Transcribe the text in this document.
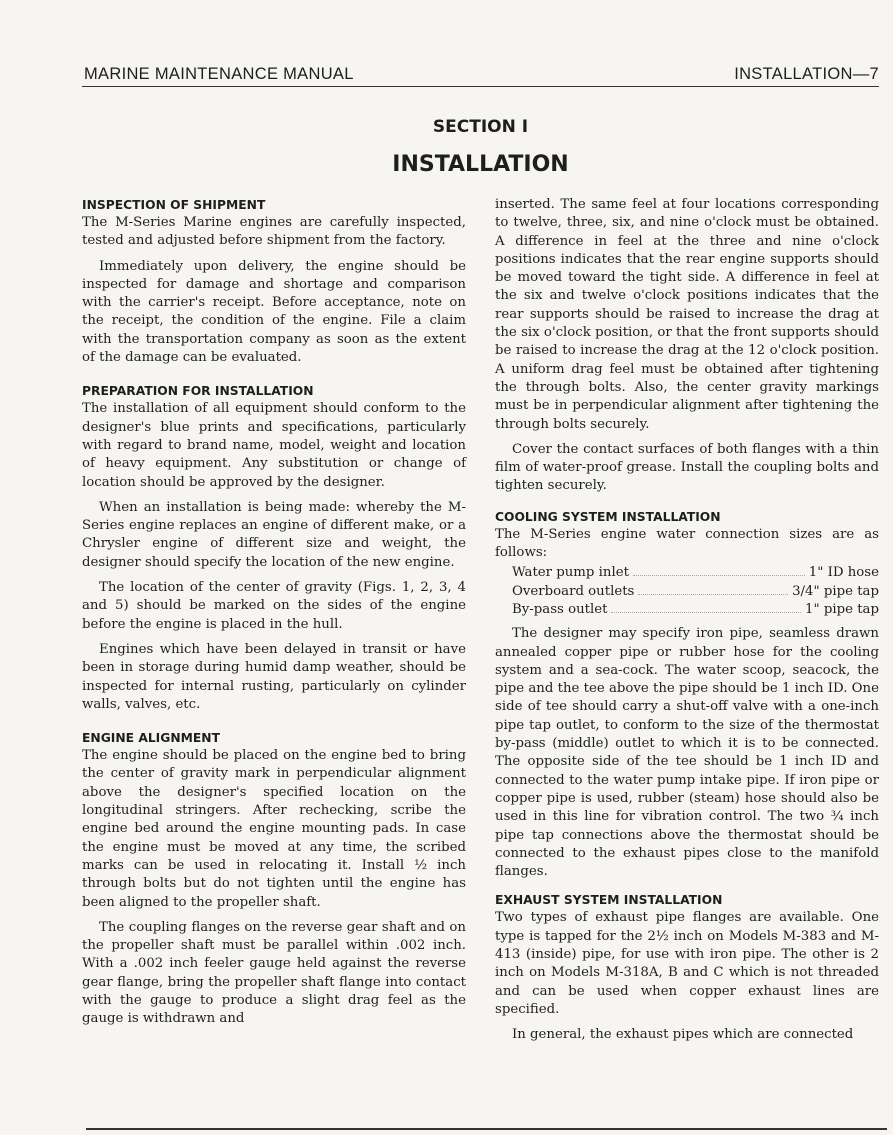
MARINE MAINTENANCE MANUAL	INSTALLATION—7
SECTION I
INSTALLATION
INSPECTION OF SHIPMENT

The M-Series Marine engines are carefully inspected, tested and adjusted before shipment from the factory.

Immediately upon delivery, the engine should be inspected for damage and shortage and comparison with the carrier's receipt. Before acceptance, note on the receipt, the condition of the engine. File a claim with the transportation company as soon as the extent of the damage can be evaluated.

PREPARATION FOR INSTALLATION

The installation of all equipment should conform to the designer's blue prints and specifications, particularly with regard to brand name, model, weight and location of heavy equipment. Any substitution or change of location should be approved by the designer.

When an installation is being made: whereby the M-Series engine replaces an engine of different make, or a Chrysler engine of different size and weight, the designer should specify the location of the new engine.

The location of the center of gravity (Figs. 1, 2, 3, 4 and 5) should be marked on the sides of the engine before the engine is placed in the hull.

Engines which have been delayed in transit or have been in storage during humid damp weather, should be inspected for internal rusting, particularly on cylinder walls, valves, etc.

ENGINE ALIGNMENT

The engine should be placed on the engine bed to bring the center of gravity mark in perpendicular alignment above the designer's specified location on the longitudinal stringers. After rechecking, scribe the engine bed around the engine mounting pads. In case the engine must be moved at any time, the scribed marks can be used in relocating it. Install ½ inch through bolts but do not tighten until the engine has been aligned to the propeller shaft.

The coupling flanges on the reverse gear shaft and on the propeller shaft must be parallel within .002 inch. With a .002 inch feeler gauge held against the reverse gear flange, bring the propeller shaft flange into contact with the gauge to produce a slight drag feel as the gauge is withdrawn and

inserted. The same feel at four locations corresponding to twelve, three, six, and nine o'clock must be obtained. A difference in feel at the three and nine o'clock positions indicates that the rear engine supports should be moved toward the tight side. A difference in feel at the six and twelve o'clock positions indicates that the rear supports should be raised to increase the drag at the six o'clock position, or that the front supports should be raised to increase the drag at the 12 o'clock position. A uniform drag feel must be obtained after tightening the through bolts. Also, the center gravity markings must be in perpendicular alignment after tightening the through bolts securely.

Cover the contact surfaces of both flanges with a thin film of water-proof grease. Install the coupling bolts and tighten securely.

COOLING SYSTEM INSTALLATION

The M-Series engine water connection sizes are as follows:

Water pump inlet	1" ID hose
Overboard outlets	3/4" pipe tap
By-pass outlet	1" pipe tap

The designer may specify iron pipe, seamless drawn annealed copper pipe or rubber hose for the cooling system and a sea-cock. The water scoop, seacock, the pipe and the tee above the pipe should be 1 inch ID. One side of tee should carry a shut-off valve with a one-inch pipe tap outlet, to conform to the size of the thermostat by-pass (middle) outlet to which it is to be connected. The opposite side of the tee should be 1 inch ID and connected to the water pump intake pipe. If iron pipe or copper pipe is used, rubber (steam) hose should also be used in this line for vibration control. The two ¾ inch pipe tap connections above the thermostat should be connected to the exhaust pipes close to the manifold flanges.

EXHAUST SYSTEM INSTALLATION

Two types of exhaust pipe flanges are available. One type is tapped for the 2½ inch on Models M-383 and M-413 (inside) pipe, for use with iron pipe. The other is 2 inch on Models M-318A, B and C which is not threaded and can be used when copper exhaust lines are specified.

In general, the exhaust pipes which are connected
